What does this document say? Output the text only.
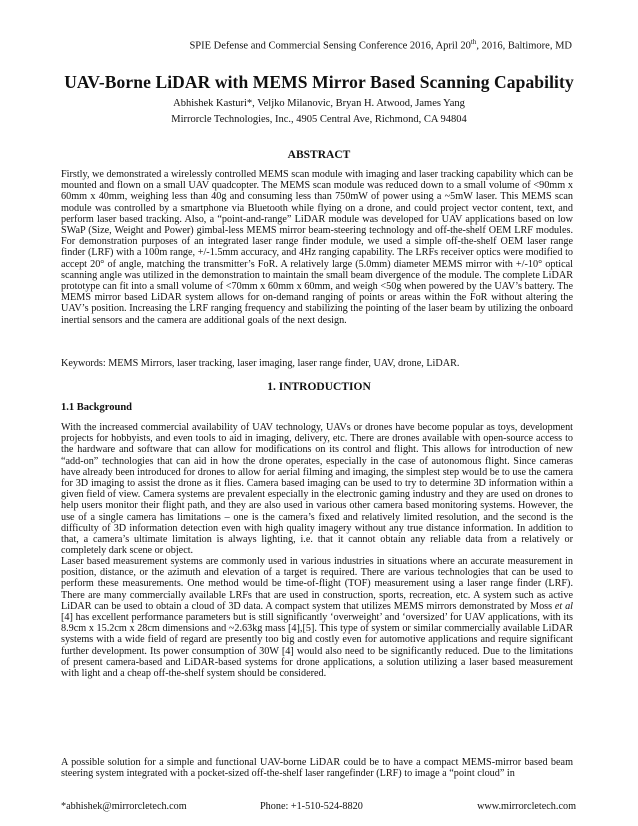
SPIE Defense and Commercial Sensing Conference 2016, April 20th, 2016, Baltimore, MD
UAV-Borne LiDAR with MEMS Mirror Based Scanning Capability
Abhishek Kasturi*, Veljko Milanovic, Bryan H. Atwood, James Yang
Mirrorcle Technologies, Inc., 4905 Central Ave, Richmond, CA 94804
ABSTRACT

Firstly, we demonstrated a wirelessly controlled MEMS scan module with imaging and laser tracking capability which can be mounted and flown on a small UAV quadcopter. The MEMS scan module was reduced down to a small volume of <90mm x 60mm x 40mm, weighing less than 40g and consuming less than 750mW of power using a ~5mW laser. This MEMS scan module was controlled by a smartphone via Bluetooth while flying on a drone, and could project vector content, text, and perform laser based tracking. Also, a “point-and-range” LiDAR module was developed for UAV applications based on low SWaP (Size, Weight and Power) gimbal-less MEMS mirror beam-steering technology and off-the-shelf OEM LRF modules. For demonstration purposes of an integrated laser range finder module, we used a simple off-the-shelf OEM laser range finder (LRF) with a 100m range, +/-1.5mm accuracy, and 4Hz ranging capability. The LRFs receiver optics were modified to accept 20° of angle, matching the transmitter’s FoR. A relatively large (5.0mm) diameter MEMS mirror with +/-10° optical scanning angle was utilized in the demonstration to maintain the small beam divergence of the module. The complete LiDAR prototype can fit into a small volume of <70mm x 60mm x 60mm, and weigh <50g when powered by the UAV’s battery. The MEMS mirror based LiDAR system allows for on-demand ranging of points or areas within the FoR without altering the UAV’s position. Increasing the LRF ranging frequency and stabilizing the pointing of the laser beam by utilizing the onboard inertial sensors and the camera are additional goals of the next design.

Keywords: MEMS Mirrors, laser tracking, laser imaging, laser range finder, UAV, drone, LiDAR.

1. INTRODUCTION
1.1 Background

With the increased commercial availability of UAV technology, UAVs or drones have become popular as toys, development projects for hobbyists, and even tools to aid in imaging, delivery, etc. There are drones available with open-source access to the hardware and software that can allow for modifications on its control and flight. This allows for introduction of new “add-on” technologies that can aid in how the drone operates, especially in the case of autonomous flight. Since cameras have already been introduced for drones to allow for aerial filming and imaging, the simplest step would be to use the camera for 3D imaging to assist the drone as it flies. Camera based imaging can be used to try to determine 3D information within a given field of view. Camera systems are prevalent especially in the electronic gaming industry and they are used on drones to help users monitor their flight path, and they are also used in various other camera based monitoring systems. However, the use of a single camera has limitations – one is the camera’s fixed and relatively limited resolution, and the second is the difficulty of 3D information detection even with high quality imagery without any true distance information. In addition to that, a camera’s ultimate limitation is always lighting, i.e. that it cannot obtain any reliable data from a relatively or completely dark scene or object.

Laser based measurement systems are commonly used in various industries in situations where an accurate measurement in position, distance, or the azimuth and elevation of a target is required. There are various technologies that can be used to perform these measurements. One method would be time-of-flight (TOF) measurement using a laser range finder (LRF). There are many commercially available LRFs that are used in construction, sports, recreation, etc. A system such as active LiDAR can be used to obtain a cloud of 3D data. A compact system that utilizes MEMS mirrors demonstrated by Moss et al [4] has excellent performance parameters but is still significantly ‘overweight’ and ‘oversized’ for UAV applications, with its 8.9cm x 15.2cm x 28cm dimensions and ~2.63kg mass [4],[5]. This type of system or similar commercially available LiDAR systems with a wide field of regard are presently too big and costly even for automotive applications and require significant further development. Its power consumption of 30W [4] would also need to be significantly reduced. Due to the limitations of present camera-based and LiDAR-based systems for drone applications, a solution utilizing a laser based measurement with light and a cheap off-the-shelf system should be considered.

A possible solution for a simple and functional UAV-borne LiDAR could be to have a compact MEMS-mirror based beam steering system integrated with a pocket-sized off-the-shelf laser rangefinder (LRF) to image a “point cloud” in

*abhishek@mirrorcletech.com	Phone: +1-510-524-8820	www.mirrorcletech.com
